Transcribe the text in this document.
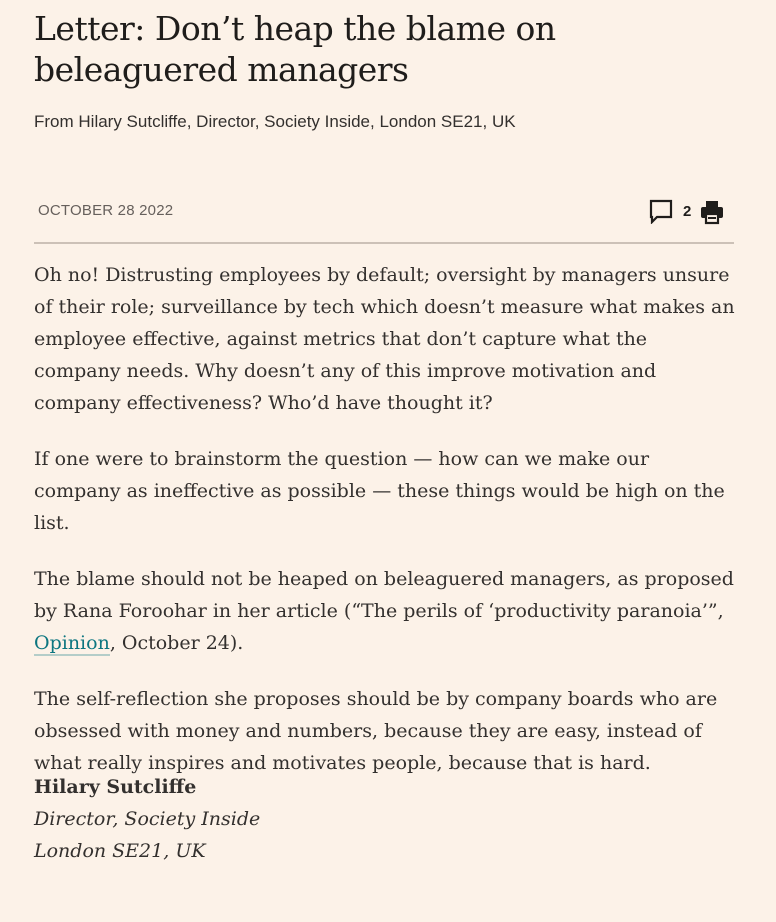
Letter: Don’t heap the blame on beleaguered managers

From Hilary Sutcliffe, Director, Society Inside, London SE21, UK

OCTOBER 28 2022	2

Oh no! Distrusting employees by default; oversight by managers unsure of their role; surveillance by tech which doesn’t measure what makes an employee effective, against metrics that don’t capture what the company needs. Why doesn’t any of this improve motivation and company effectiveness? Who’d have thought it?

If one were to brainstorm the question — how can we make our company as ineffective as possible — these things would be high on the list.

The blame should not be heaped on beleaguered managers, as proposed by Rana Foroohar in her article (“The perils of ‘productivity paranoia’”, Opinion, October 24).

The self-reflection she proposes should be by company boards who are obsessed with money and numbers, because they are easy, instead of what really inspires and motivates people, because that is hard.

Hilary Sutcliffe
Director, Society Inside
London SE21, UK
